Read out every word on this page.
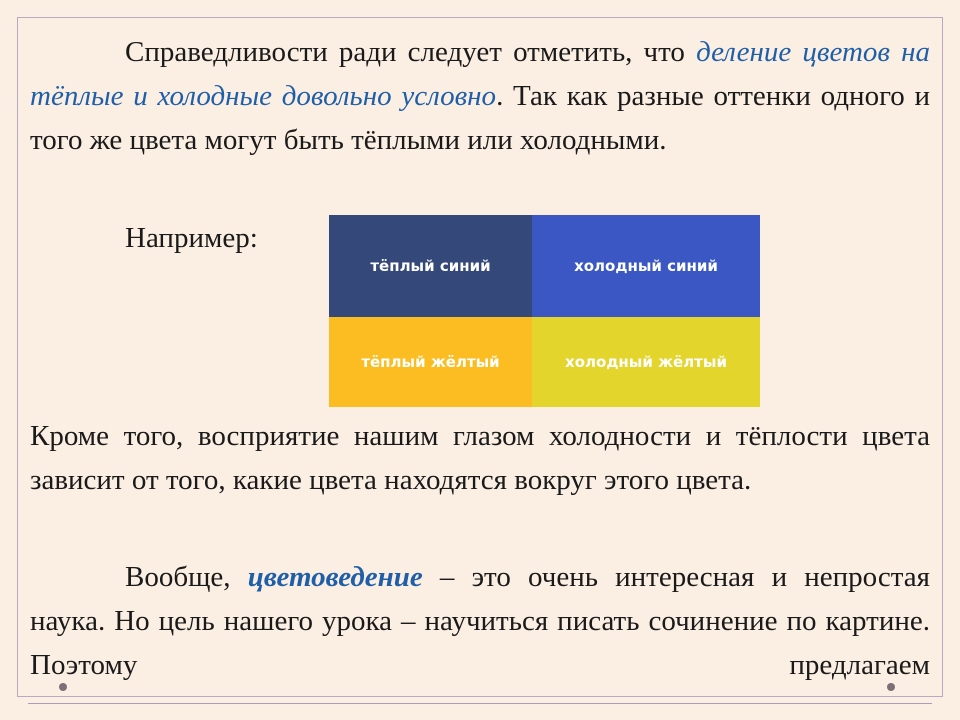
Справедливости ради следует отметить, что деление цветов на тёплые и холодные довольно условно. Так как разные оттенки одного и того же цвета могут быть тёплыми или холодными.
Например:
тёплый синий	холодный синий
тёплый жёлтый	холодный жёлтый
Кроме того, восприятие нашим глазом холодности и тёплости цвета зависит от того, какие цвета находятся вокруг этого цвета.
Вообще, цветоведение – это очень интересная и непростая наука. Но цель нашего урока – научиться писать сочинение по картине. Поэтому предлагаем
